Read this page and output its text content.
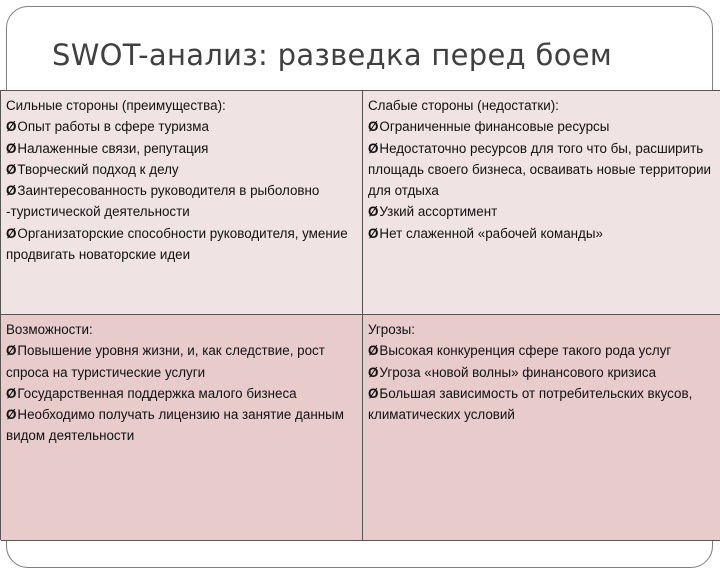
SWOT-анализ: разведка перед боем
Сильные стороны (преимущества):
ØОпыт работы в сфере туризма
ØНалаженные связи, репутация
ØТворческий подход к делу
ØЗаинтересованность руководителя в рыболовно -туристической деятельности
ØОрганизаторские способности руководителя, умение продвигать новаторские идеи
Слабые стороны (недостатки):
ØОграниченные финансовые ресурсы
ØНедостаточно ресурсов для того что бы, расширить площадь своего бизнеса, осваивать новые территории для отдыха
ØУзкий ассортимент
ØНет слаженной «рабочей команды»
Возможности:
ØПовышение уровня жизни, и, как следствие, рост спроса на туристические услуги
ØГосударственная поддержка малого бизнеса
ØНеобходимо получать лицензию на занятие данным видом деятельности
Угрозы:
ØВысокая конкуренция сфере такого рода услуг
ØУгроза «новой волны» финансового кризиса
ØБольшая зависимость от потребительских вкусов, климатических условий
